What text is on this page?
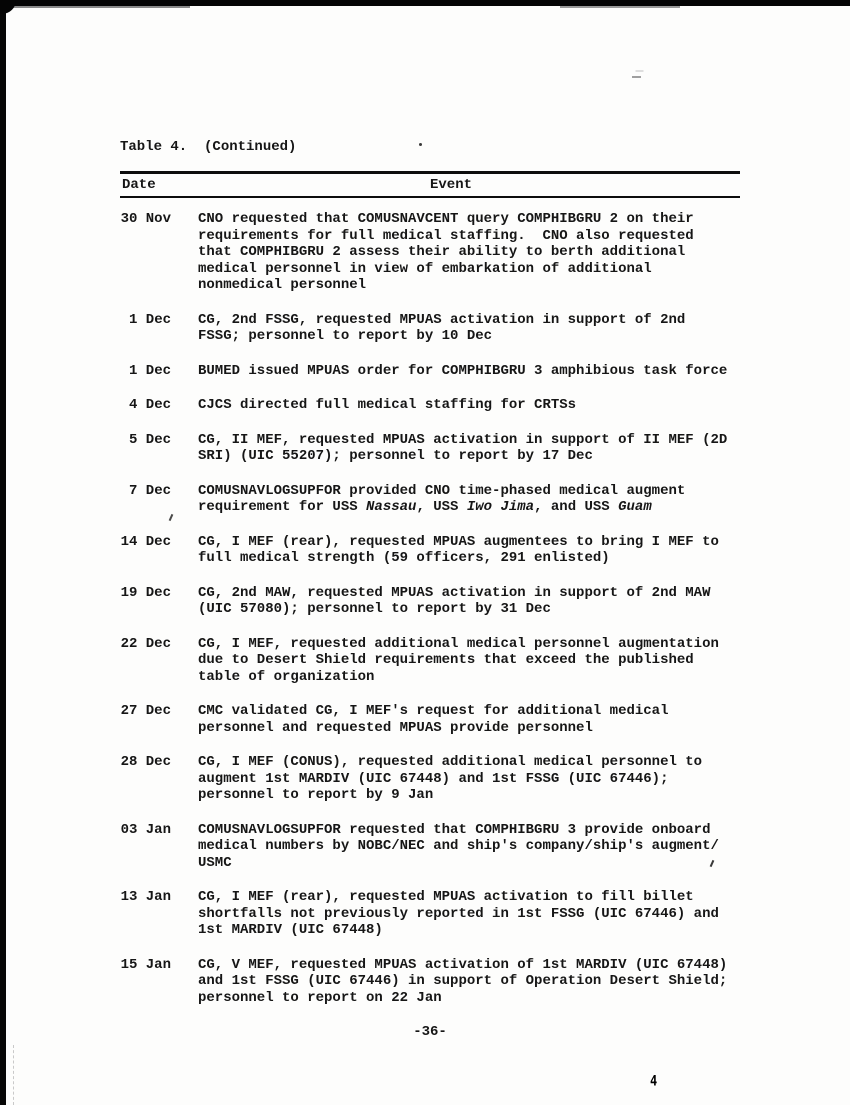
4
Table 4.  (Continued)
Date	Event
30 Nov CNO requested that COMUSNAVCENT query COMPHIBGRU 2 on their
requirements for full medical staffing.  CNO also requested
that COMPHIBGRU 2 assess their ability to berth additional
medical personnel in view of embarkation of additional
nonmedical personnel
1 Dec CG, 2nd FSSG, requested MPUAS activation in support of 2nd
FSSG; personnel to report by 10 Dec
1 Dec BUMED issued MPUAS order for COMPHIBGRU 3 amphibious task force
4 Dec CJCS directed full medical staffing for CRTSs
5 Dec CG, II MEF, requested MPUAS activation in support of II MEF (2D
SRI) (UIC 55207); personnel to report by 17 Dec
7 Dec COMUSNAVLOGSUPFOR provided CNO time-phased medical augment
requirement for USS Nassau, USS Iwo Jima, and USS Guam
14 Dec CG, I MEF (rear), requested MPUAS augmentees to bring I MEF to
full medical strength (59 officers, 291 enlisted)
19 Dec CG, 2nd MAW, requested MPUAS activation in support of 2nd MAW
(UIC 57080); personnel to report by 31 Dec
22 Dec CG, I MEF, requested additional medical personnel augmentation
due to Desert Shield requirements that exceed the published
table of organization
27 Dec CMC validated CG, I MEF's request for additional medical
personnel and requested MPUAS provide personnel
28 Dec CG, I MEF (CONUS), requested additional medical personnel to
augment 1st MARDIV (UIC 67448) and 1st FSSG (UIC 67446);
personnel to report by 9 Jan
03 Jan COMUSNAVLOGSUPFOR requested that COMPHIBGRU 3 provide onboard
medical numbers by NOBC/NEC and ship's company/ship's augment/
USMC
13 Jan CG, I MEF (rear), requested MPUAS activation to fill billet
shortfalls not previously reported in 1st FSSG (UIC 67446) and
1st MARDIV (UIC 67448)
15 Jan CG, V MEF, requested MPUAS activation of 1st MARDIV (UIC 67448)
and 1st FSSG (UIC 67446) in support of Operation Desert Shield;
personnel to report on 22 Jan
-36-
